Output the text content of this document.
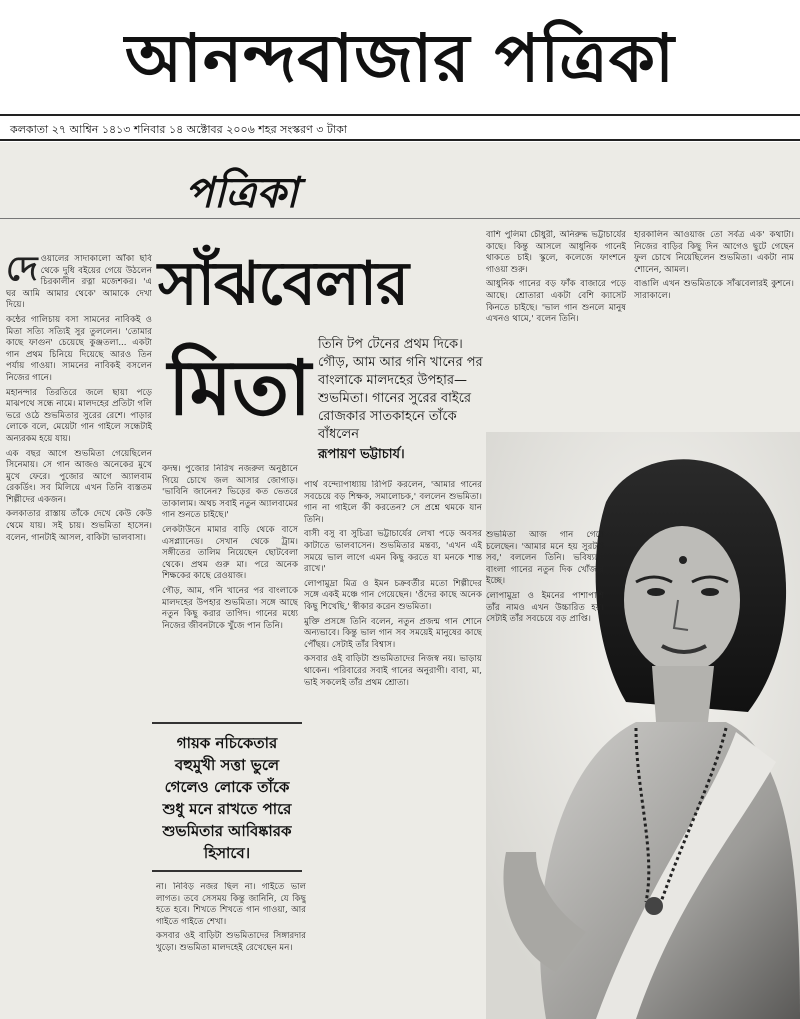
আনন্দবাজার পত্রিকা
কলকাতা ২৭ আশ্বিন ১৪১৩ শনিবার ১৪ অক্টোবর ২০০৬ শহর সংস্করণ ৩ টাকা
পত্রিকা
সাঁঝবেলার
মিতা তিনি টপ টেনের প্রথম দিকে। গৌড়, আম আর গনি খানের পর বাংলাকে মালদহের উপহার— শুভমিতা। গানের সুরের বাইরে রোজকার সাতকাহনে তাঁকে বাঁধলেন
রূপায়ণ ভট্টাচার্য।

দেওয়ালের সাদাকালো আঁকা ছবি থেকে দুধি বইয়ের গেয়ে উঠলেন চিরকালীন রত্না মজেশকর। 'এ ঘর আমি আমার থেকে' আমাকে দেখা দিয়ে।

কন্ঠের গালিচায় বসা সামনের নাবিকই ও মিতা সত্যি সত্যিই সুর তুললেন। 'তোমার কাছে ফাগুন' চেয়েছে কুঞ্জতলা... একটা গান প্রথম চিনিয়ে দিয়েছে আরও তিন পর্যায় গাওয়া। সামনের নাবিকই বসলেন নিজের গানে।

মহানন্দার তিরতিরে জলে ছায়া পড়ে মাঝপথে সন্ধে নামে। মালদহের প্রতিটা গলি ভরে ওঠে শুভমিতার সুরের রেশে। পাড়ার লোকে বলে, মেয়েটা গান গাইলে সন্ধেটাই অন্যরকম হয়ে যায়।

এক বছর আগে শুভমিতা গেয়েছিলেন সিনেমায়। সে গান আজও অনেকের মুখে মুখে ফেরে। পুজোর আগে অ্যালবাম রেকর্ডিং। সব মিলিয়ে এখন তিনি ব্যস্ততম শিল্পীদের একজন।

কলকাতার রাস্তায় তাঁকে দেখে কেউ কেউ থেমে যায়। সই চায়। শুভমিতা হাসেন। বলেন, গানটাই আসল, বাকিটা ভালবাসা।

কদম্ব। পুজোর নিরিখ নজরুল অনুষ্ঠানে গিয়ে চোখে জল আসার জোগাড়। 'ভাবিনি জানেন? ভিড়ের কত ভেতরে তাকালাম। অথচ সবাই নতুন অ্যালবামের গান শুনতে চাইছে।'

লেকটাউনে মামার বাড়ি থেকে বাসে এসপ্ল্যানেড। সেখান থেকে ট্রাম। সঙ্গীতের তালিম নিয়েছেন ছোটবেলা থেকে। প্রথম গুরু মা। পরে অনেক শিক্ষকের কাছে রেওয়াজ।

গৌড়, আম, গনি খানের পর বাংলাকে মালদহের উপহার শুভমিতা। সঙ্গে আছে নতুন কিছু করার তাগিদ। গানের মধ্যে নিজের জীবনটাকে খুঁজে পান তিনি।

গায়ক নচিকেতার বহুমুখী সত্তা ভুলে গেলেও লোকে তাঁকে শুধু মনে রাখতে পারে শুভমিতার আবিষ্কারক হিসাবে।

না। নিবিড় নজর ছিল না। গাইতে ভাল লাগত। তবে সেসময় কিন্তু জানিনি, যে কিছু হতে হবে। শিখতে শিখতে গান গাওয়া, আর গাইতে গাইতে শেখা।

কসবার ওই বাড়িটা শুভমিতাদের সিঙ্গারদার খুড়ো। শুভমিতা মালদহেই রেখেছেন মন।

পার্থ বন্দ্যোপাধ্যায় রিপিট করলেন, 'আমার গানের সবচেয়ে বড় শিক্ষক, সমালোচক,' বললেন শুভমিতা। গান না গাইলে কী করতেন? সে প্রশ্নে থমকে যান তিনি।

বাসী বসু বা সুচিত্রা ভট্টাচার্যের লেখা পড়ে অবসর কাটাতে ভালবাসেন। শুভমিতার মন্তব্য, 'এখন এই সময়ে ভাল লাগে এমন কিছু করতে যা মনকে শান্ত রাখে।'

লোপামুদ্রা মিত্র ও ইমন চক্রবর্তীর মতো শিল্পীদের সঙ্গে একই মঞ্চে গান গেয়েছেন। 'ওঁদের কাছে অনেক কিছু শিখেছি,' স্বীকার করেন শুভমিতা।

মুক্তি প্রসঙ্গে তিনি বলেন, নতুন প্রজন্ম গান শোনে অন্যভাবে। কিন্তু ভাল গান সব সময়েই মানুষের কাছে পৌঁছয়। সেটাই তাঁর বিশ্বাস।

কসবার ওই বাড়িটা শুভমিতাদের নিজস্ব নয়। ভাড়ায় থাকেন। পরিবারের সবাই গানের অনুরাগী। বাবা, মা, ভাই সকলেই তাঁর প্রথম শ্রোতা।

বাশি পুলিমা চৌধুরী, অনিরুদ্ধ ভট্টাচার্যের কাছে। কিন্তু আসলে আধুনিক গানেই থাকতে চাই। স্কুলে, কলেজে ফাংশনে গাওয়া শুরু।

আধুনিক গানের বড় ফাঁক বাজারে পড়ে আছে। শ্রোতারা একটা বেশি ক্যাসেট কিনতে চাইছে। 'ভাল গান শুনলে মানুষ এখনও থামে,' বলেন তিনি।

হারকালিন আওয়াজ তো সর্বত্র এক' কথাটা। নিজের বাড়ির কিছু দিন আগেও ছুটে গেছেন ফুল চোখে নিয়েছিলেন শুভমিতা। একটা নাম শোনেন, আমল।

বাঙালি এখন শুভমিতাকে সাঁঝবেলারই কুশনে। সারাকালে।

শুভমিতা আজ গান গেয়ে চলেছেন। 'আমার মনে হয় সুরটাই সব,' বললেন তিনি। ভবিষ্যতে বাংলা গানের নতুন দিক খোঁজার ইচ্ছে।

লোপামুদ্রা ও ইমনের পাশাপাশি তাঁর নামও এখন উচ্চারিত হয়। সেটাই তাঁর সবচেয়ে বড় প্রাপ্তি।
